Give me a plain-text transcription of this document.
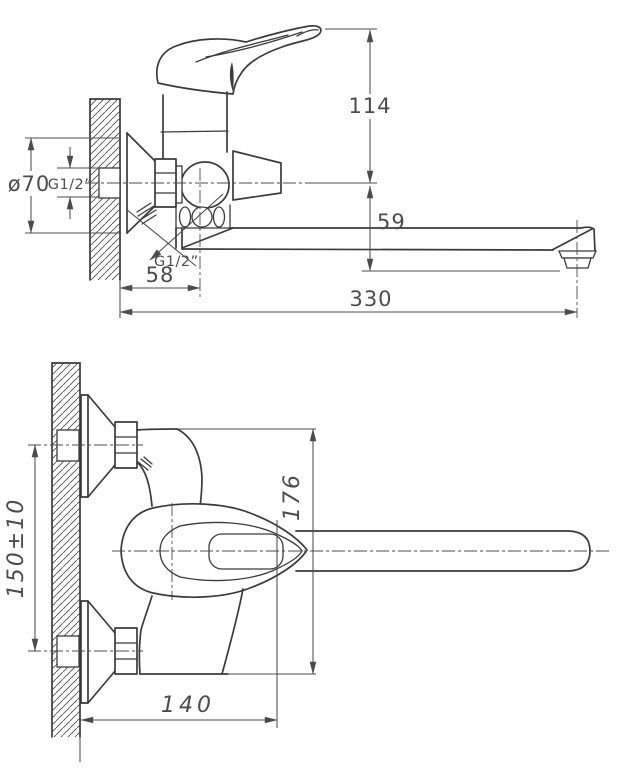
ø70
G1/2”
G1/2”
114
59
58
330
150±10
176
140
